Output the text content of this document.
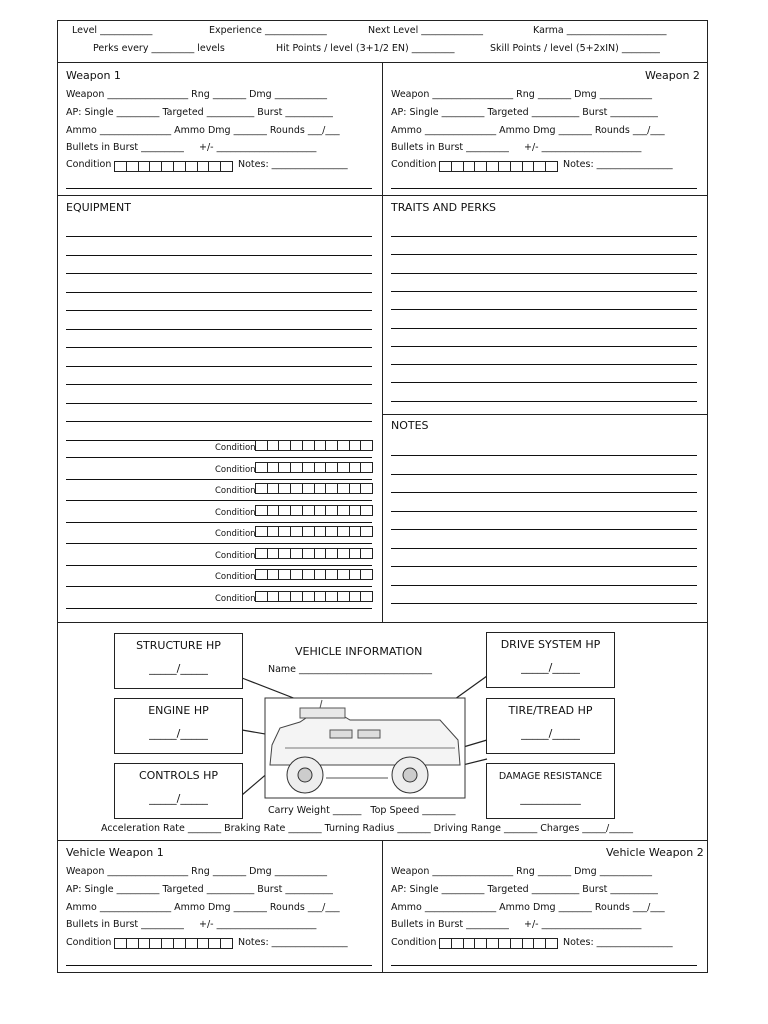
Level ___________	Experience _____________	Next Level _____________	Karma _____________________
Perks every _________ levels	Hit Points / level (3+1/2 EN) _________	Skill Points / level (5+2xIN) ________
Weapon 1
Weapon _________________ Rng _______ Dmg ___________
AP: Single _________ Targeted __________ Burst __________
Ammo _______________ Ammo Dmg _______ Rounds ___/___
Bullets in Burst _________     +/- _____________________
Condition	Notes: ________________
Weapon 2
Weapon _________________ Rng _______ Dmg ___________
AP: Single _________ Targeted __________ Burst __________
Ammo _______________ Ammo Dmg _______ Rounds ___/___
Bullets in Burst _________     +/- _____________________
Condition	Notes: ________________
EQUIPMENT
Condition
Condition
Condition
Condition
Condition
Condition
Condition
Condition
TRAITS AND PERKS
NOTES
VEHICLE INFORMATION
Name ____________________________
STRUCTURE HP
_____/_____
ENGINE HP
_____/_____
CONTROLS HP
_____/_____
DRIVE SYSTEM HP
_____/_____
TIRE/TREAD HP
_____/_____
DAMAGE RESISTANCE
___________
Carry Weight ______   Top Speed _______
Acceleration Rate _______ Braking Rate _______ Turning Radius _______ Driving Range _______ Charges _____/_____
Vehicle Weapon 1
Weapon _________________ Rng _______ Dmg ___________
AP: Single _________ Targeted __________ Burst __________
Ammo _______________ Ammo Dmg _______ Rounds ___/___
Bullets in Burst _________     +/- _____________________
Condition	Notes: ________________
Vehicle Weapon 2
Weapon _________________ Rng _______ Dmg ___________
AP: Single _________ Targeted __________ Burst __________
Ammo _______________ Ammo Dmg _______ Rounds ___/___
Bullets in Burst _________     +/- _____________________
Condition	Notes: ________________
